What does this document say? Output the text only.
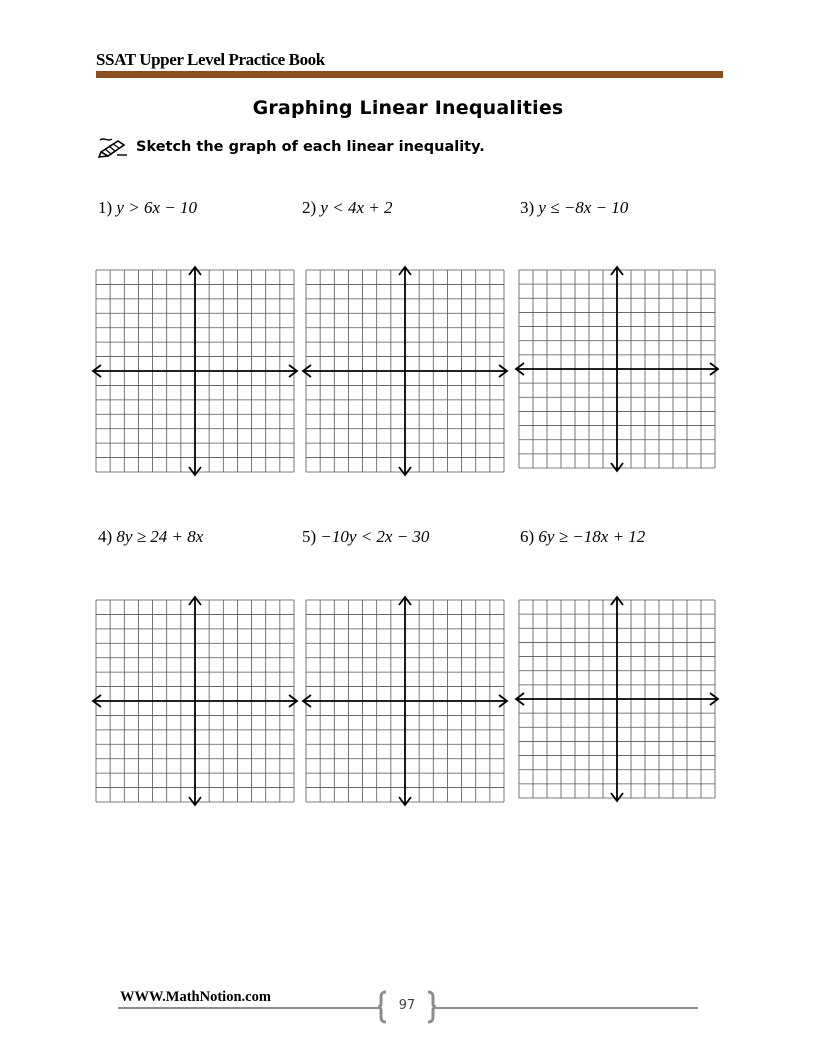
SSAT Upper Level Practice Book
Graphing Linear Inequalities
Sketch the graph of each linear inequality.
1) y > 6x − 10	2) y < 4x + 2	3) y ≤ −8x − 10
4) 8y ≥ 24 + 8x	5) −10y < 2x − 30	6) 6y ≥ −18x + 12
WWW.MathNotion.com
97
